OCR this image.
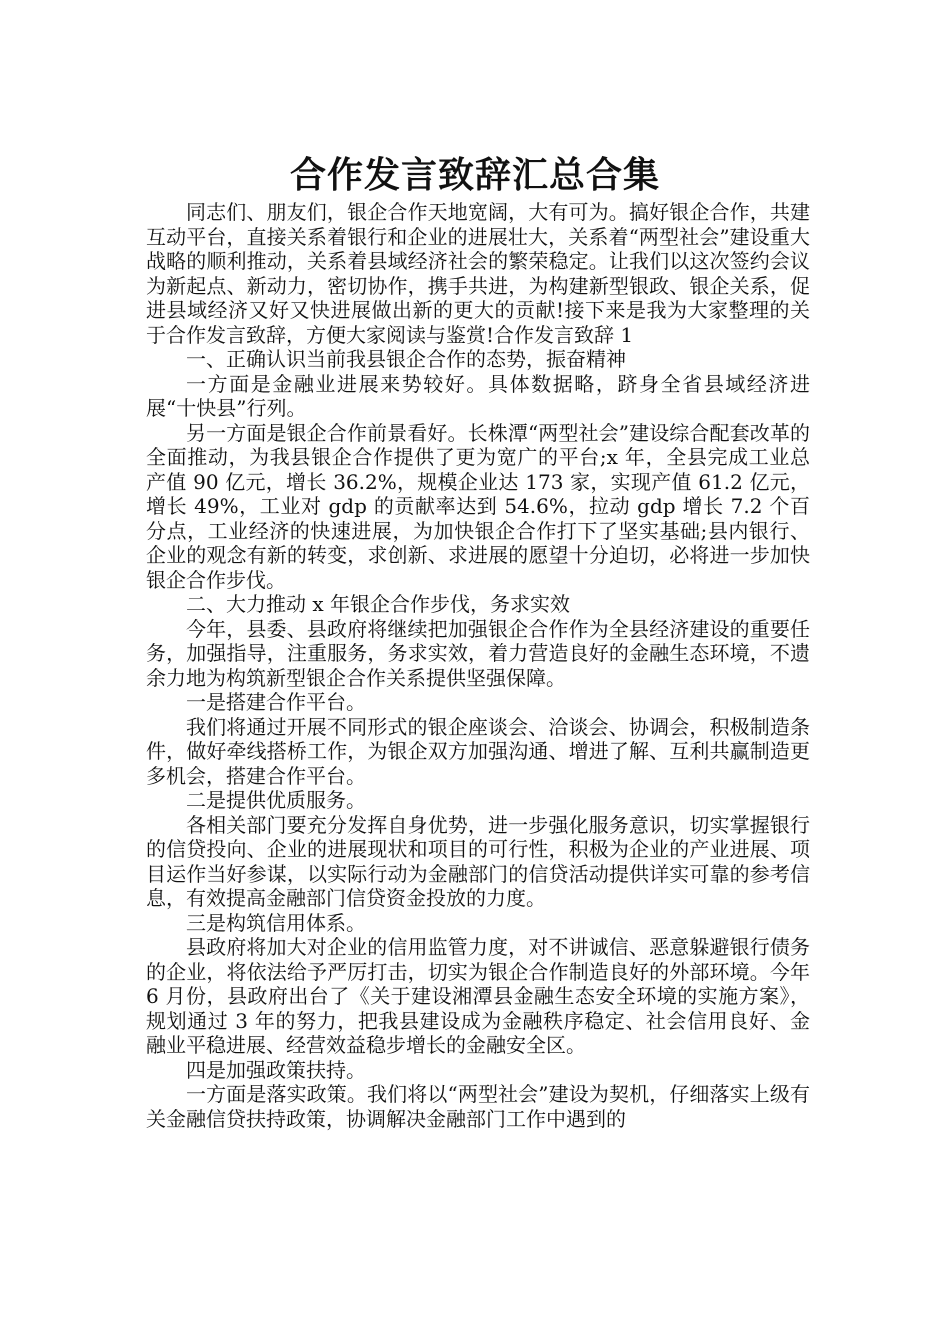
合作发言致辞汇总合集

同志们、朋友们，银企合作天地宽阔，大有可为。搞好银企合作，共建互动平台，直接关系着银行和企业的进展壮大，关系着“两型社会”建设重大战略的顺利推动，关系着县域经济社会的繁荣稳定。让我们以这次签约会议为新起点、新动力，密切协作，携手共进，为构建新型银政、银企关系，促进县域经济又好又快进展做出新的更大的贡献!接下来是我为大家整理的关于合作发言致辞，方便大家阅读与鉴赏!合作发言致辞 1

一、正确认识当前我县银企合作的态势，振奋精神

一方面是金融业进展来势较好。具体数据略，跻身全省县域经济进展“十快县”行列。

另一方面是银企合作前景看好。长株潭“两型社会”建设综合配套改革的全面推动，为我县银企合作提供了更为宽广的平台;x 年，全县完成工业总产值 90 亿元，增长 36.2%，规模企业达 173 家，实现产值 61.2 亿元，增长 49%，工业对 gdp 的贡献率达到 54.6%，拉动 gdp 增长 7.2 个百分点，工业经济的快速进展，为加快银企合作打下了坚实基础;县内银行、企业的观念有新的转变，求创新、求进展的愿望十分迫切，必将进一步加快银企合作步伐。

二、大力推动 x 年银企合作步伐，务求实效

今年，县委、县政府将继续把加强银企合作作为全县经济建设的重要任务，加强指导，注重服务，务求实效，着力营造良好的金融生态环境，不遗余力地为构筑新型银企合作关系提供坚强保障。

一是搭建合作平台。

我们将通过开展不同形式的银企座谈会、洽谈会、协调会，积极制造条件，做好牵线搭桥工作，为银企双方加强沟通、增进了解、互利共赢制造更多机会，搭建合作平台。

二是提供优质服务。

各相关部门要充分发挥自身优势，进一步强化服务意识，切实掌握银行的信贷投向、企业的进展现状和项目的可行性，积极为企业的产业进展、项目运作当好参谋，以实际行动为金融部门的信贷活动提供详实可靠的参考信息，有效提高金融部门信贷资金投放的力度。

三是构筑信用体系。

县政府将加大对企业的信用监管力度，对不讲诚信、恶意躲避银行债务的企业，将依法给予严厉打击，切实为银企合作制造良好的外部环境。今年 6 月份，县政府出台了《关于建设湘潭县金融生态安全环境的实施方案》，规划通过 3 年的努力，把我县建设成为金融秩序稳定、社会信用良好、金融业平稳进展、经营效益稳步增长的金融安全区。

四是加强政策扶持。

一方面是落实政策。我们将以“两型社会”建设为契机，仔细落实上级有关金融信贷扶持政策，协调解决金融部门工作中遇到的
